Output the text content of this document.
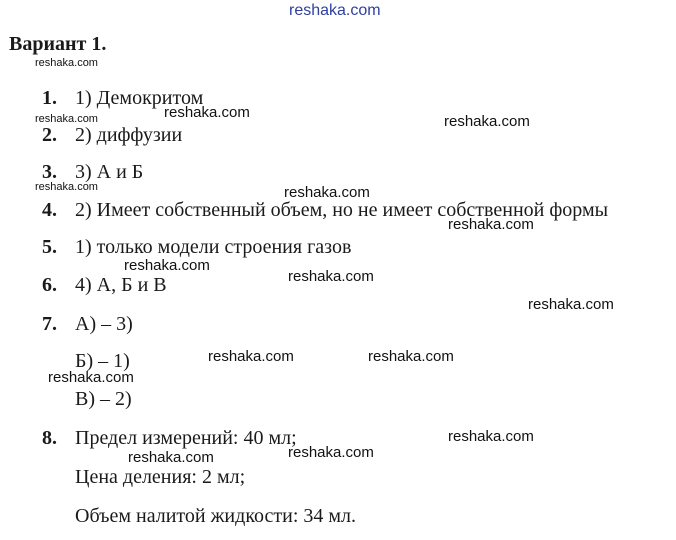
reshaka.com
Вариант 1.
1. 1) Демокритом
2. 2) диффузии
3. 3) А и Б
4. 2) Имеет собственный объем, но не имеет собственной формы
5. 1) только модели строения газов
6. 4) А, Б и В
7. А) – 3)
Б) – 1)
В) – 2)
8. Предел измерений: 40 мл;
Цена деления: 2 мл;
Объем налитой жидкости: 34 мл.
reshaka.com
reshaka.com	reshaka.com
reshaka.com
reshaka.com	reshaka.com
reshaka.com
reshaka.com
reshaka.com
reshaka.com
reshaka.com	reshaka.com
reshaka.com
reshaka.com
reshaka.com	reshaka.com
